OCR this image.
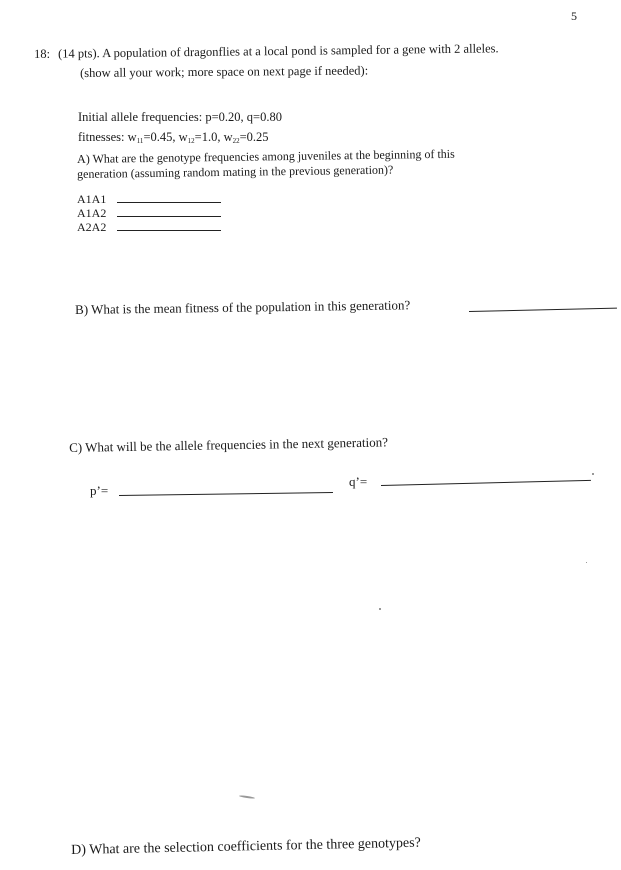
5
18: (14 pts). A population of dragonflies at a local pond is sampled for a gene with 2 alleles.
(show all your work; more space on next page if needed):
Initial allele frequencies: p=0.20, q=0.80
fitnesses: $w_{11}=0.45$, $w_{12}=1.0$, $w_{22}=0.25$
A) What are the genotype frequencies among juveniles at the beginning of this
generation (assuming random mating in the previous generation)?
A1A1
A1A2
A2A2
B) What is the mean fitness of the population in this generation?
C) What will be the allele frequencies in the next generation?
p’=
q’=
D) What are the selection coefficients for the three genotypes?
